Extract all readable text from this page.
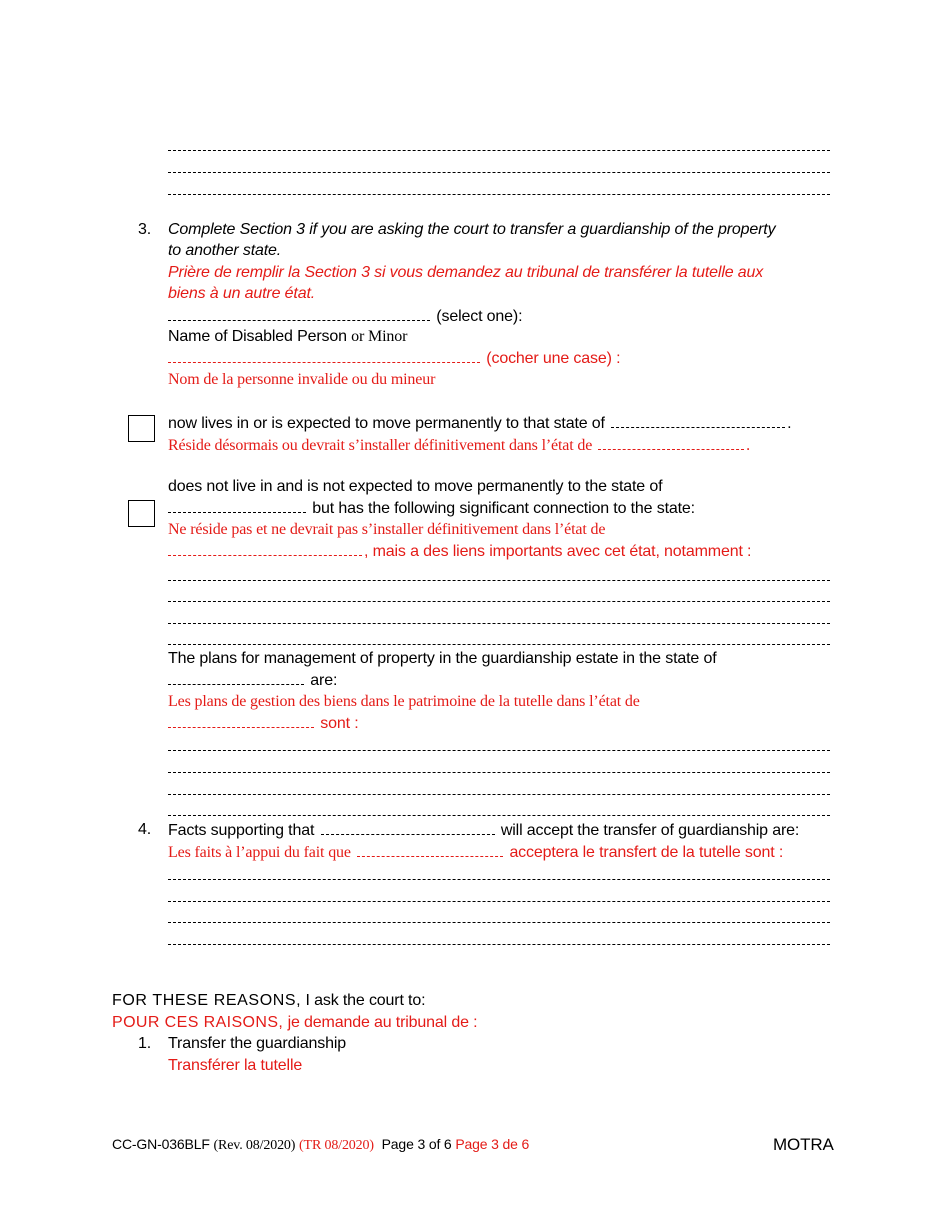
3. Complete Section 3 if you are asking the court to transfer a guardianship of the property
to another state.
Prière de remplir la Section 3 si vous demandez au tribunal de transférer la tutelle aux
biens à un autre état.
(select one):
Name of Disabled Person or Minor
(cocher une case) :
Nom de la personne invalide ou du mineur
now lives in or is expected to move permanently to that state of	.
Réside désormais ou devrait s’installer définitivement dans l’état de	.
does not live in and is not expected to move permanently to the state of
but has the following significant connection to the state:
Ne réside pas et ne devrait pas s’installer définitivement dans l’état de
, mais a des liens importants avec cet état, notamment :
The plans for management of property in the guardianship estate in the state of
are:
Les plans de gestion des biens dans le patrimoine de la tutelle dans l’état de
sont :
4. Facts supporting that	will accept the transfer of guardianship are:
Les faits à l’appui du fait que	acceptera le transfert de la tutelle sont :
FOR THESE REASONS, I ask the court to:
POUR CES RAISONS, je demande au tribunal de :
1. Transfer the guardianship
Transférer la tutelle
CC-GN-036BLF (Rev. 08/2020) (TR 08/2020) Page 3 of 6 Page 3 de 6	MOTRA
